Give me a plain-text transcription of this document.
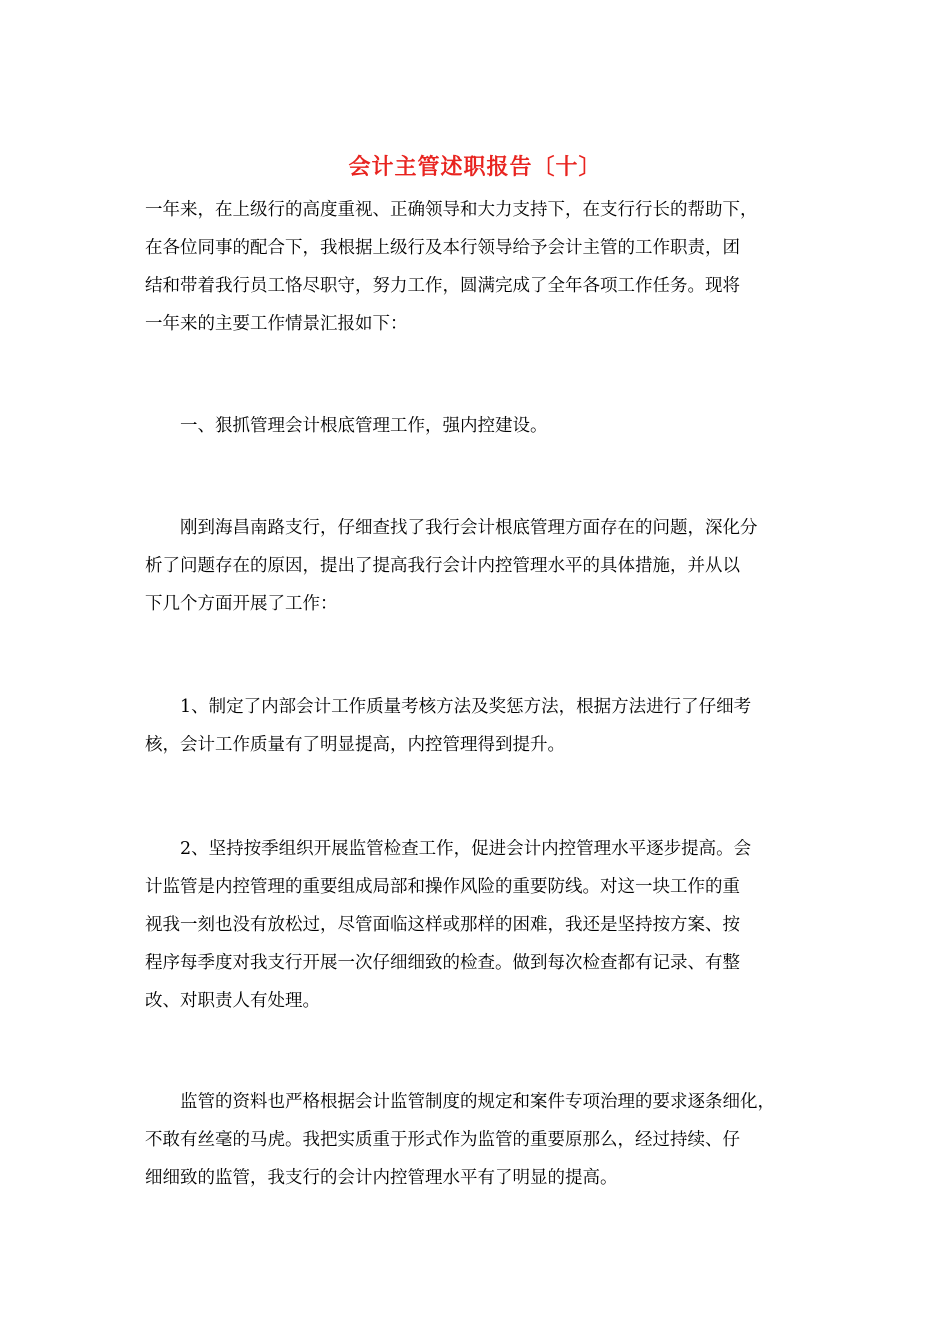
会计主管述职报告〔十〕
一年来，在上级行的高度重视、正确领导和大力支持下，在支行行长的帮助下，
在各位同事的配合下，我根据上级行及本行领导给予会计主管的工作职责，团
结和带着我行员工恪尽职守，努力工作，圆满完成了全年各项工作任务。现将
一年来的主要工作情景汇报如下：
　　一、狠抓管理会计根底管理工作，强内控建设。
　　刚到海昌南路支行，仔细查找了我行会计根底管理方面存在的问题，深化分
析了问题存在的原因，提出了提高我行会计内控管理水平的具体措施，并从以
下几个方面开展了工作：
　　1、制定了内部会计工作质量考核方法及奖惩方法，根据方法进行了仔细考
核，会计工作质量有了明显提高，内控管理得到提升。
　　2、坚持按季组织开展监管检查工作，促进会计内控管理水平逐步提高。会
计监管是内控管理的重要组成局部和操作风险的重要防线。对这一块工作的重
视我一刻也没有放松过，尽管面临这样或那样的困难，我还是坚持按方案、按
程序每季度对我支行开展一次仔细细致的检查。做到每次检查都有记录、有整
改、对职责人有处理。
　　监管的资料也严格根据会计监管制度的规定和案件专项治理的要求逐条细化，
不敢有丝毫的马虎。我把实质重于形式作为监管的重要原那么，经过持续、仔
细细致的监管，我支行的会计内控管理水平有了明显的提高。
